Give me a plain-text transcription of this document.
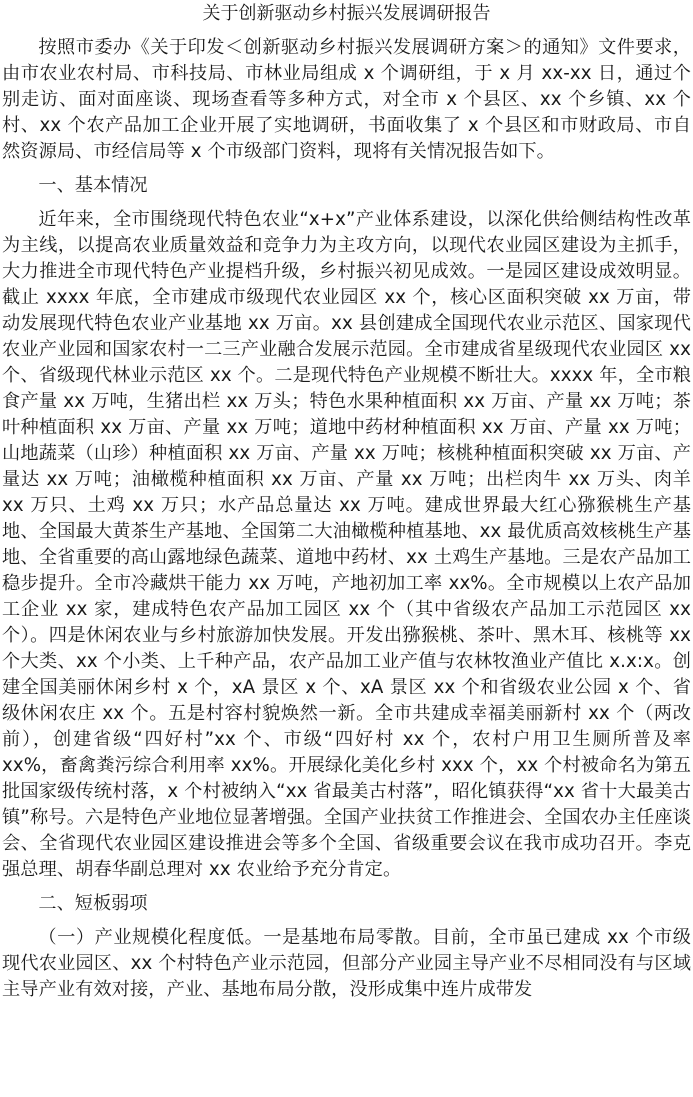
关于创新驱动乡村振兴发展调研报告

按照市委办《关于印发＜创新驱动乡村振兴发展调研方案＞的通知》文件要求，由市农业农村局、市科技局、市林业局组成 x 个调研组，于 x 月 xx-xx 日，通过个别走访、面对面座谈、现场查看等多种方式，对全市 x 个县区、xx 个乡镇、xx 个村、xx 个农产品加工企业开展了实地调研，书面收集了 x 个县区和市财政局、市自然资源局、市经信局等 x 个市级部门资料，现将有关情况报告如下。

一、基本情况

近年来，全市围绕现代特色农业“x+x”产业体系建设，以深化供给侧结构性改革为主线，以提高农业质量效益和竞争力为主攻方向，以现代农业园区建设为主抓手，大力推进全市现代特色产业提档升级，乡村振兴初见成效。一是园区建设成效明显。截止 xxxx 年底，全市建成市级现代农业园区 xx 个，核心区面积突破 xx 万亩，带动发展现代特色农业产业基地 xx 万亩。xx 县创建成全国现代农业示范区、国家现代农业产业园和国家农村一二三产业融合发展示范园。全市建成省星级现代农业园区 xx 个、省级现代林业示范区 xx 个。二是现代特色产业规模不断壮大。xxxx 年，全市粮食产量 xx 万吨，生猪出栏 xx 万头；特色水果种植面积 xx 万亩、产量 xx 万吨；茶叶种植面积 xx 万亩、产量 xx 万吨；道地中药材种植面积 xx 万亩、产量 xx 万吨；山地蔬菜（山珍）种植面积 xx 万亩、产量 xx 万吨；核桃种植面积突破 xx 万亩、产量达 xx 万吨；油橄榄种植面积 xx 万亩、产量 xx 万吨；出栏肉牛 xx 万头、肉羊 xx 万只、土鸡 xx 万只；水产品总量达 xx 万吨。建成世界最大红心猕猴桃生产基地、全国最大黄茶生产基地、全国第二大油橄榄种植基地、xx 最优质高效核桃生产基地、全省重要的高山露地绿色蔬菜、道地中药材、xx 土鸡生产基地。三是农产品加工稳步提升。全市冷藏烘干能力 xx 万吨，产地初加工率 xx%。全市规模以上农产品加工企业 xx 家，建成特色农产品加工园区 xx 个（其中省级农产品加工示范园区 xx 个）。四是休闲农业与乡村旅游加快发展。开发出猕猴桃、茶叶、黑木耳、核桃等 xx 个大类、xx 个小类、上千种产品，农产品加工业产值与农林牧渔业产值比 x.x:x。创建全国美丽休闲乡村 x 个，xA 景区 x 个、xA 景区 xx 个和省级农业公园 x 个、省级休闲农庄 xx 个。五是村容村貌焕然一新。全市共建成幸福美丽新村 xx 个（两改前），创建省级“四好村”xx 个、市级“四好村 xx 个，农村户用卫生厕所普及率 xx%，畜禽粪污综合利用率 xx%。开展绿化美化乡村 xxx 个，xx 个村被命名为第五批国家级传统村落，x 个村被纳入“xx 省最美古村落”，昭化镇获得“xx 省十大最美古镇”称号。六是特色产业地位显著增强。全国产业扶贫工作推进会、全国农办主任座谈会、全省现代农业园区建设推进会等多个全国、省级重要会议在我市成功召开。李克强总理、胡春华副总理对 xx 农业给予充分肯定。

二、短板弱项

（一）产业规模化程度低。一是基地布局零散。目前，全市虽已建成 xx 个市级现代农业园区、xx 个村特色产业示范园，但部分产业园主导产业不尽相同没有与区域主导产业有效对接，产业、基地布局分散，没形成集中连片成带发
